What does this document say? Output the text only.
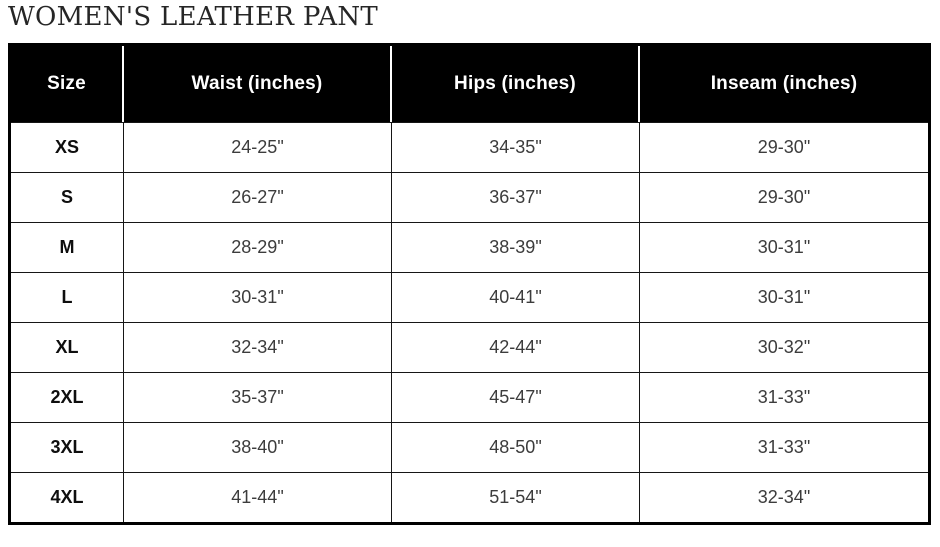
WOMEN'S LEATHER PANT
Size	Waist (inches)	Hips (inches)	Inseam (inches)
XS	24-25"	34-35"	29-30"
S	26-27"	36-37"	29-30"
M	28-29"	38-39"	30-31"
L	30-31"	40-41"	30-31"
XL	32-34"	42-44"	30-32"
2XL	35-37"	45-47"	31-33"
3XL	38-40"	48-50"	31-33"
4XL	41-44"	51-54"	32-34"
